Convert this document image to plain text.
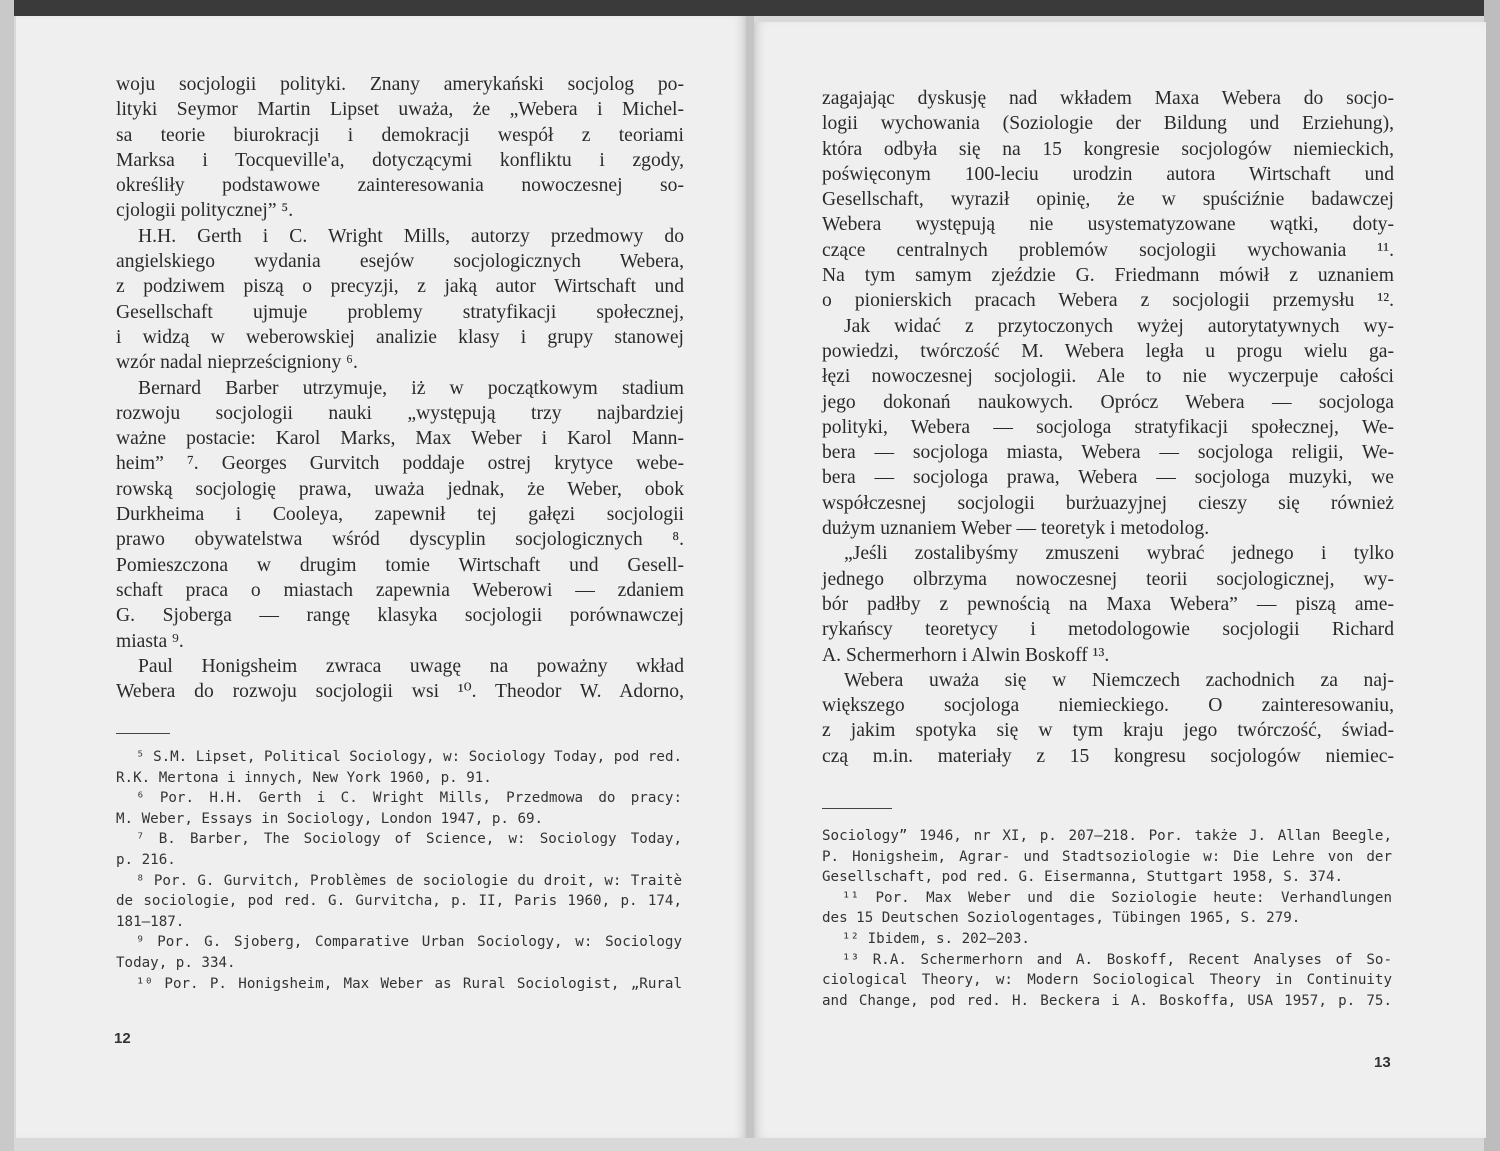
woju socjologii polityki. Znany amerykański socjolog po-
lityki Seymor Martin Lipset uważa, że „Webera i Michel-
sa teorie biurokracji i demokracji wespół z teoriami
Marksa i Tocqueville'a, dotyczącymi konfliktu i zgody,
określiły podstawowe zainteresowania nowoczesnej so-
cjologii politycznej” ⁵.
H.H. Gerth i C. Wright Mills, autorzy przedmowy do
angielskiego wydania esejów socjologicznych Webera,
z podziwem piszą o precyzji, z jaką autor Wirtschaft und
Gesellschaft ujmuje problemy stratyfikacji społecznej,
i widzą w weberowskiej analizie klasy i grupy stanowej
wzór nadal nieprześcigniony ⁶.
Bernard Barber utrzymuje, iż w początkowym stadium
rozwoju socjologii nauki „występują trzy najbardziej
ważne postacie: Karol Marks, Max Weber i Karol Mann-
heim” ⁷. Georges Gurvitch poddaje ostrej krytyce webe-
rowską socjologię prawa, uważa jednak, że Weber, obok
Durkheima i Cooleya, zapewnił tej gałęzi socjologii
prawo obywatelstwa wśród dyscyplin socjologicznych ⁸.
Pomieszczona w drugim tomie Wirtschaft und Gesell-
schaft praca o miastach zapewnia Weberowi — zdaniem
G. Sjoberga — rangę klasyka socjologii porównawczej
miasta ⁹.
Paul Honigsheim zwraca uwagę na poważny wkład
Webera do rozwoju socjologii wsi ¹⁰. Theodor W. Adorno,
⁵ S.M. Lipset, Political Sociology, w: Sociology Today, pod red.
R.K. Mertona i innych, New York 1960, p. 91.
⁶ Por. H.H. Gerth i C. Wright Mills, Przedmowa do pracy:
M. Weber, Essays in Sociology, London 1947, p. 69.
⁷ B. Barber, The Sociology of Science, w: Sociology Today,
p. 216.
⁸ Por. G. Gurvitch, Problèmes de sociologie du droit, w: Traitè
de sociologie, pod red. G. Gurvitcha, p. II, Paris 1960, p. 174,
181—187.
⁹ Por. G. Sjoberg, Comparative Urban Sociology, w: Sociology
Today, p. 334.
¹⁰ Por. P. Honigsheim, Max Weber as Rural Sociologist, „Rural
12
zagajając dyskusję nad wkładem Maxa Webera do socjo-
logii wychowania (Soziologie der Bildung und Erziehung),
która odbyła się na 15 kongresie socjologów niemieckich,
poświęconym 100-leciu urodzin autora Wirtschaft und
Gesellschaft, wyraził opinię, że w spuściźnie badawczej
Webera występują nie usystematyzowane wątki, doty-
czące centralnych problemów socjologii wychowania ¹¹.
Na tym samym zjeździe G. Friedmann mówił z uznaniem
o pionierskich pracach Webera z socjologii przemysłu ¹².
Jak widać z przytoczonych wyżej autorytatywnych wy-
powiedzi, twórczość M. Webera legła u progu wielu ga-
łęzi nowoczesnej socjologii. Ale to nie wyczerpuje całości
jego dokonań naukowych. Oprócz Webera — socjologa
polityki, Webera — socjologa stratyfikacji społecznej, We-
bera — socjologa miasta, Webera — socjologa religii, We-
bera — socjologa prawa, Webera — socjologa muzyki, we
współczesnej socjologii burżuazyjnej cieszy się również
dużym uznaniem Weber — teoretyk i metodolog.
„Jeśli zostalibyśmy zmuszeni wybrać jednego i tylko
jednego olbrzyma nowoczesnej teorii socjologicznej, wy-
bór padłby z pewnością na Maxa Webera” — piszą ame-
rykańscy teoretycy i metodologowie socjologii Richard
A. Schermerhorn i Alwin Boskoff ¹³.
Webera uważa się w Niemczech zachodnich za naj-
większego socjologa niemieckiego. O zainteresowaniu,
z jakim spotyka się w tym kraju jego twórczość, świad-
czą m.in. materiały z 15 kongresu socjologów niemiec-
Sociology” 1946, nr XI, p. 207—218. Por. także J. Allan Beegle,
P. Honigsheim, Agrar- und Stadtsoziologie w: Die Lehre von der
Gesellschaft, pod red. G. Eisermanna, Stuttgart 1958, S. 374.
¹¹ Por. Max Weber und die Soziologie heute: Verhandlungen
des 15 Deutschen Soziologentages, Tübingen 1965, S. 279.
¹² Ibidem, s. 202—203.
¹³ R.A. Schermerhorn and A. Boskoff, Recent Analyses of So-
ciological Theory, w: Modern Sociological Theory in Continuity
and Change, pod red. H. Beckera i A. Boskoffa, USA 1957, p. 75.
13
